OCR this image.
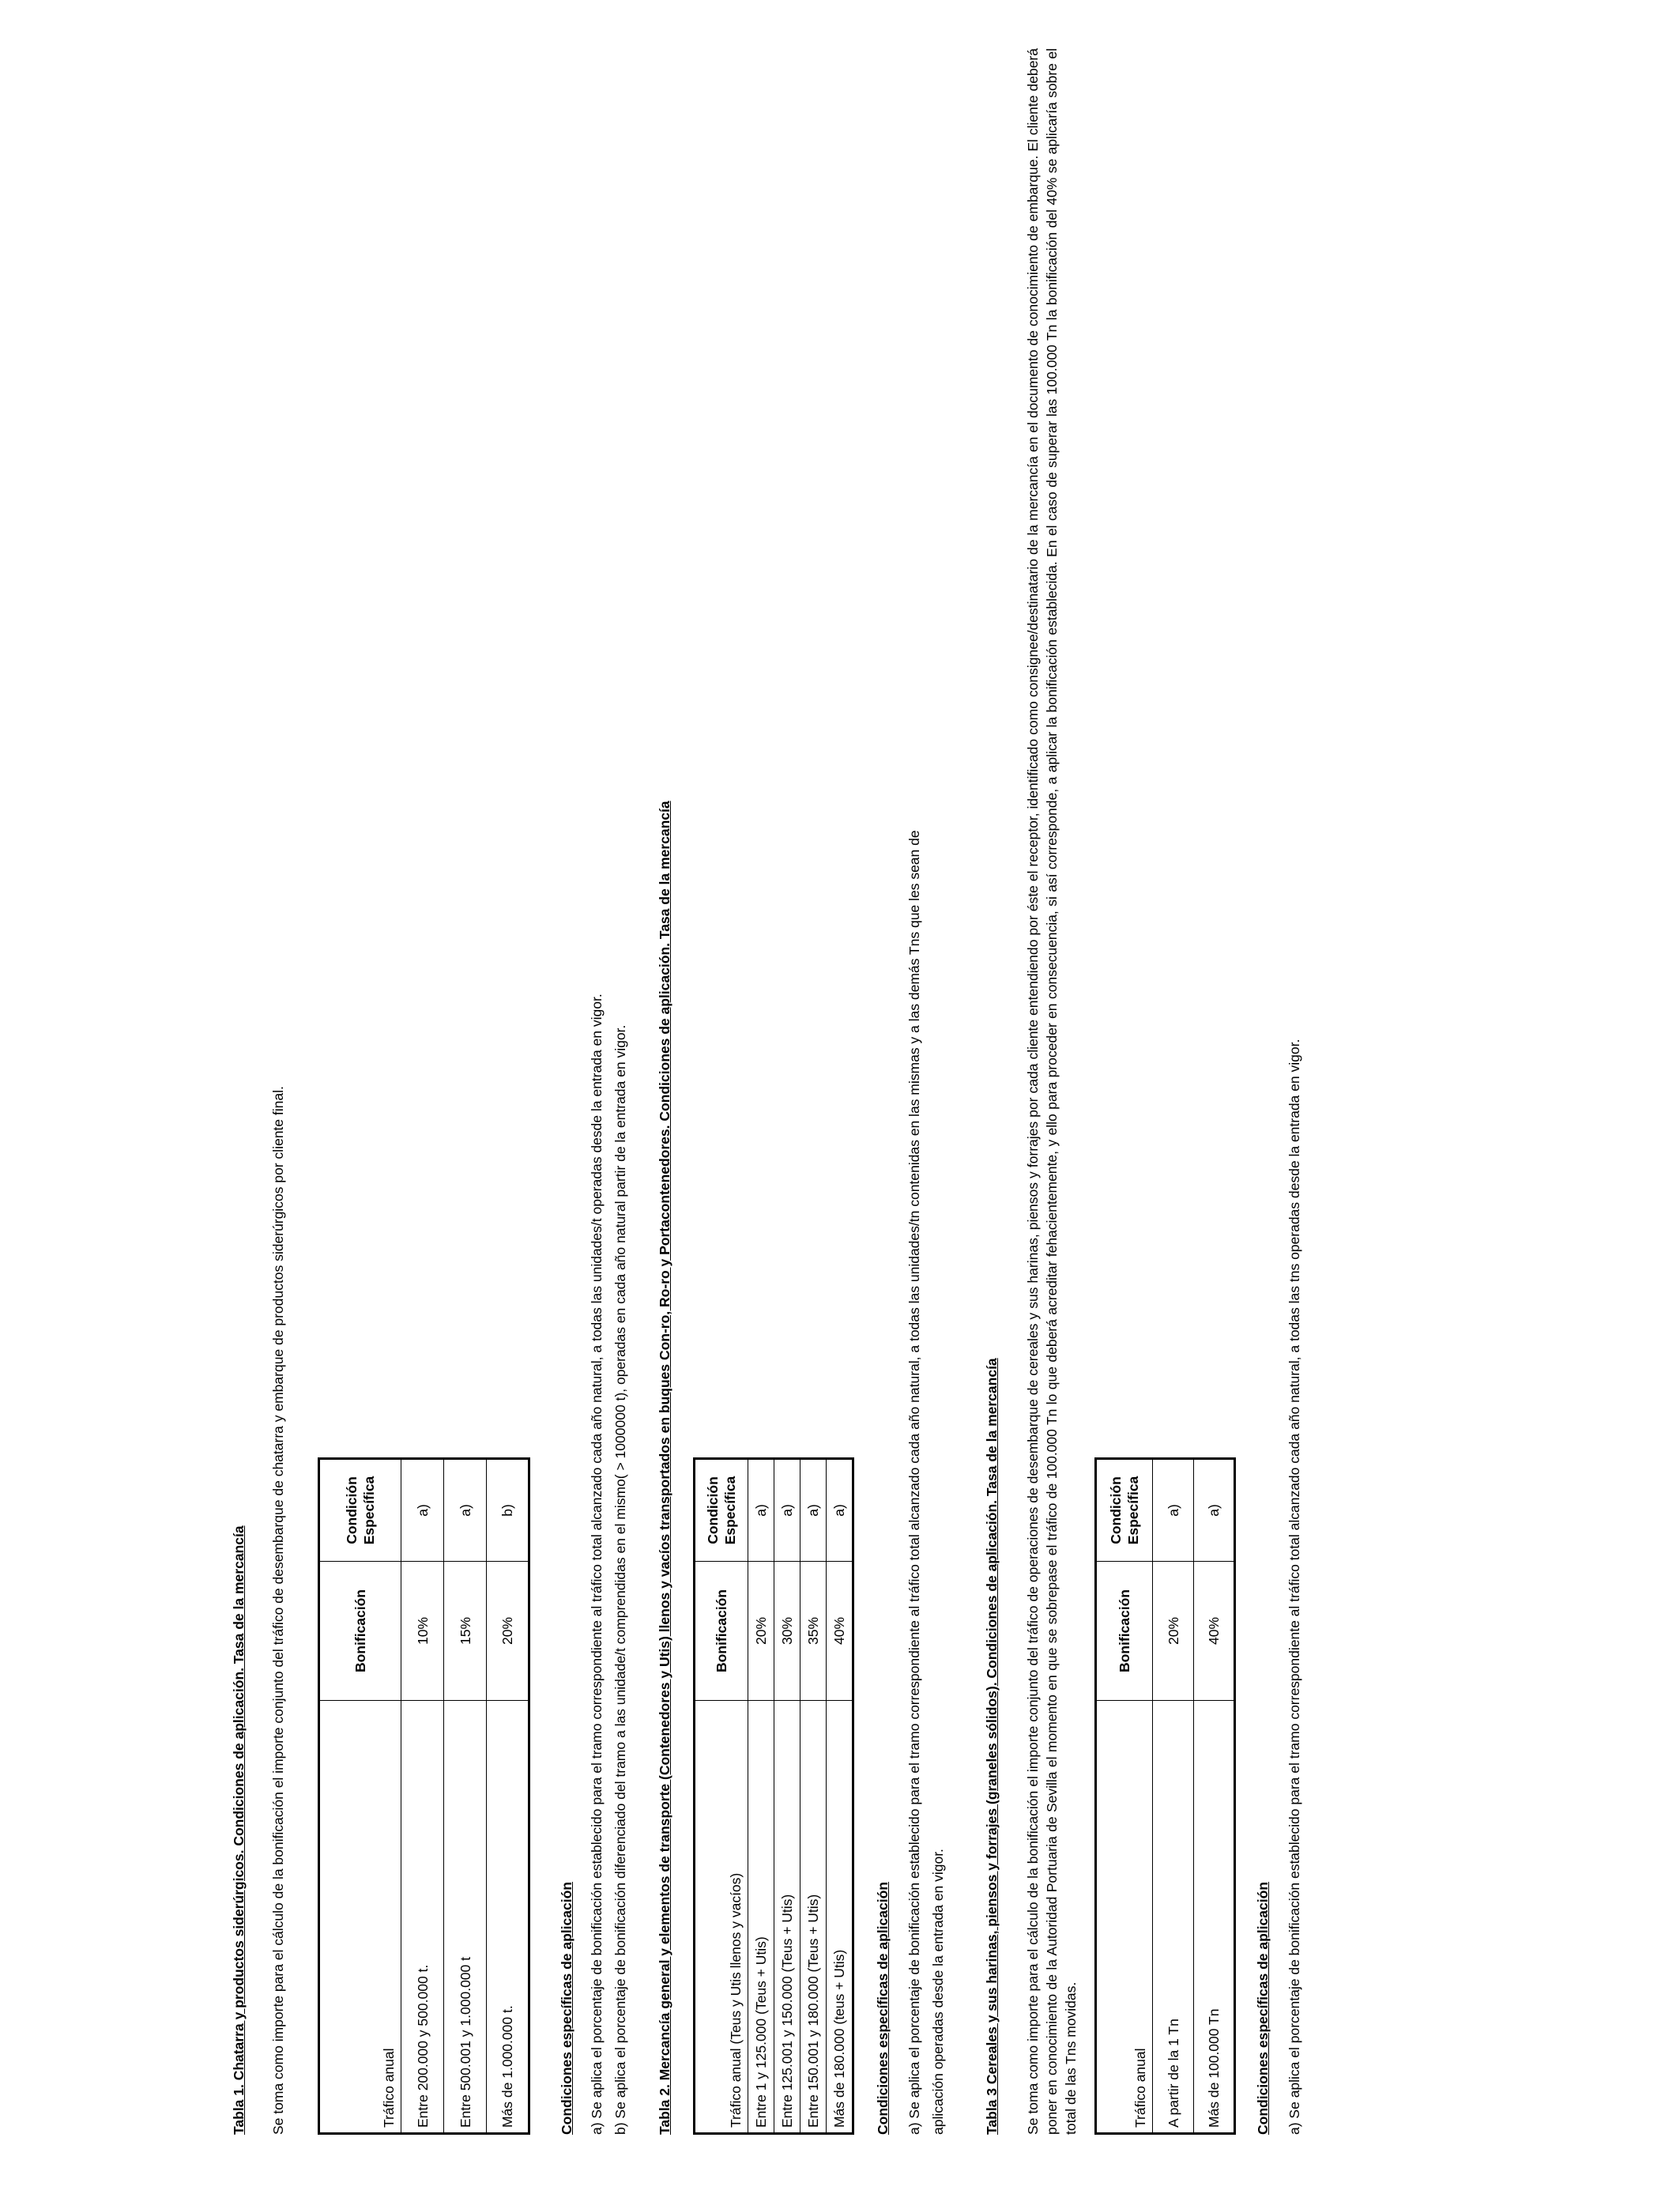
Tabla 1. Chatarra y productos siderúrgicos. Condiciones de aplicación. Tasa de la mercancía Se toma como importe para el cálculo de la bonificación el importe conjunto del tráfico de desembarque de chatarra y embarque de productos siderúrgicos por cliente final.	Tráfico anual	Bonificación	Condición Específica
Entre 200.000 y 500.000 t.	10%	a)
Entre 500.001 y 1.000.000 t	15%	a)
Más de 1.000.000 t.	20%	b)

Condiciones específicas de aplicación a) Se aplica el porcentaje de bonificación establecido para el tramo correspondiente al tráfico total alcanzado cada año natural, a todas las unidades/t operadas desde la entrada en vigor. b) Se aplica el porcentaje de bonificación diferenciado del tramo a las unidade/t comprendidas en el mismo( > 1000000 t), operadas en cada año natural partir de la entrada en vigor. Tabla 2. Mercancía general y elementos de transporte (Contenedores y Utis) llenos y vacíos transportados en buques Con-ro, Ro-ro y Portacontenedores. Condiciones de aplicación. Tasa de la mercancía	Tráfico anual (Teus y Utis llenos y vacíos)	Bonificación	Condición Específica
Entre 1 y 125.000 (Teus + Utis)	20%	a)
Entre 125.001 y 150.000 (Teus + Utis)	30%	a)
Entre 150.001 y 180.000 (Teus + Utis)	35%	a)
Más de 180.000 (teus + Utis)	40%	a)

Condiciones específicas de aplicación a) Se aplica el porcentaje de bonificación establecido para el tramo correspondiente al tráfico total alcanzado cada año natural, a todas las unidades/tn contenidas en las mismas y a las demás Tns que les sean de aplicación operadas desde la entrada en vigor.	Tabla 3 Cereales y sus harinas, piensos y forrajes (graneles sólidos). Condiciones de aplicación. Tasa de la mercancía Se toma como importe para el cálculo de la bonificación el importe conjunto del tráfico de operaciones de desembarque de cereales y sus harinas, piensos y forrajes por cada cliente entendiendo por éste el receptor, identificado como consignee/destinatario de la mercancía en el documento de conocimiento de embarque. El cliente deberá poner en conocimiento de la Autoridad Portuaria de Sevilla el momento en que se sobrepase el tráfico de 100.000 Tn lo que deberá acreditar fehacientemente, y ello para proceder en consecuencia, si así corresponde, a aplicar la bonificación establecida. En el caso de superar las 100.000 Tn la bonificación del 40% se aplicaría sobre el total de las Tns movidas.	Tráfico anual	Bonificación	Condición Específica
A partir de la 1 Tn	20%	a)
Más de 100.000 Tn	40%	a)

Condiciones específicas de aplicación a) Se aplica el porcentaje de bonificación establecido para el tramo correspondiente al tráfico total alcanzado cada año natural, a todas las tns operadas desde la entrada en vigor.
